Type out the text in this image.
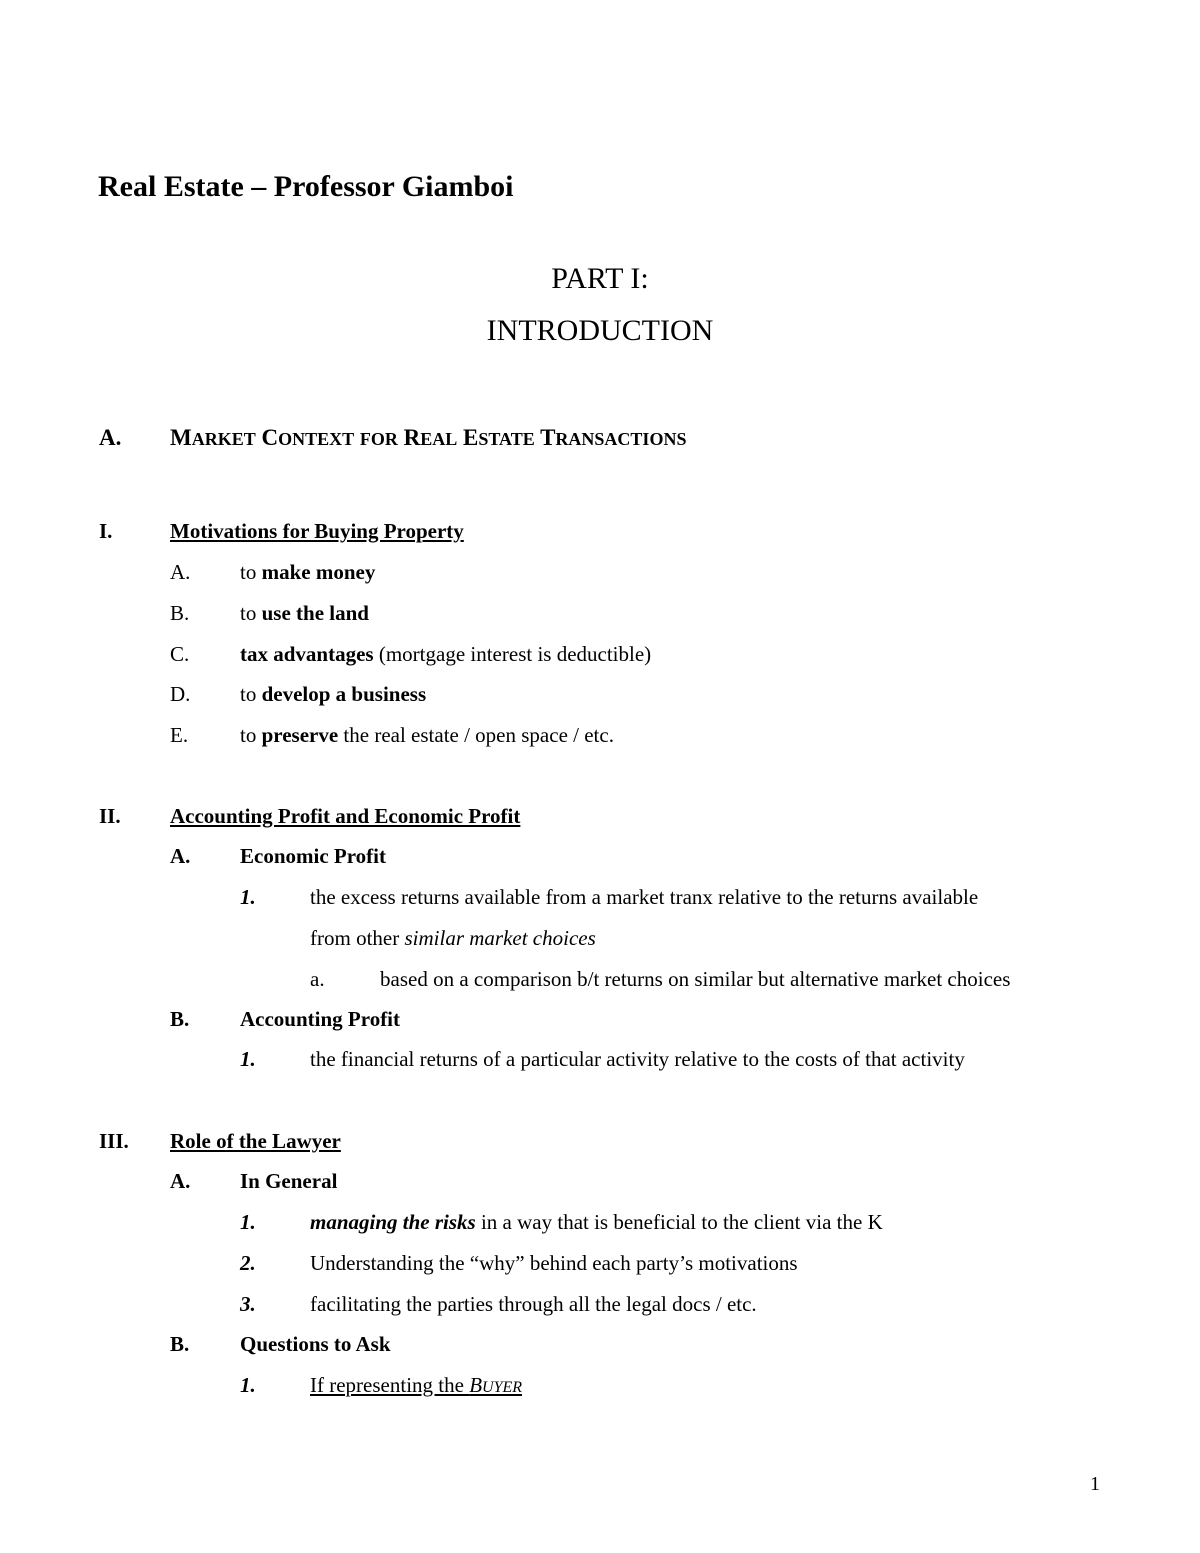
Real Estate – Professor Giamboi
PART I:
INTRODUCTION
A. MARKET CONTEXT FOR REAL ESTATE TRANSACTIONS
I.	Motivations for Buying Property
A. to make money
B. to use the land
C. tax advantages (mortgage interest is deductible)
D. to develop a business
E. to preserve the real estate / open space / etc.
II. Accounting Profit and Economic Profit
A. Economic Profit
1.	the excess returns available from a market tranx relative to the returns available
from other similar market choices
a.	based on a comparison b/t returns on similar but alternative market choices
B. Accounting Profit
1.	the financial returns of a particular activity relative to the costs of that activity
III. Role of the Lawyer
A. In General
1.	managing the risks in a way that is beneficial to the client via the K
2.	Understanding the “why” behind each party’s motivations
3.	facilitating the parties through all the legal docs / etc.
B. Questions to Ask
1.	If representing the BUYER
1
